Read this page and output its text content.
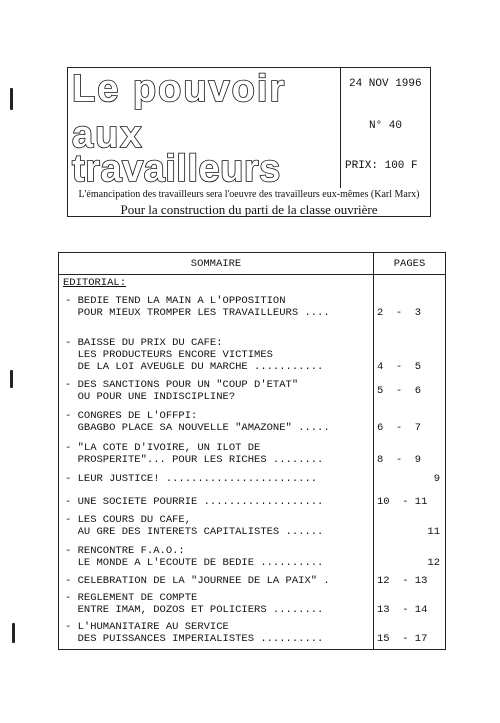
Le pouvoir
aux
travailleurs
24 NOV 1996
N° 40
PRIX: 100 F
L'émancipation des travailleurs sera l'oeuvre des travailleurs eux-mêmes (Karl Marx)
Pour la construction du parti de la classe ouvrière
SOMMAIRE	PAGES
EDITORIAL:
- BEDIE TEND LA MAIN A L'OPPOSITION
POUR MIEUX TROMPER LES TRAVAILLEURS ....	2  -  3
- BAISSE DU PRIX DU CAFE:
LES PRODUCTEURS ENCORE VICTIMES
DE LA LOI AVEUGLE DU MARCHE ...........	4  -  5
- DES SANCTIONS POUR UN "COUP D'ETAT"
OU POUR UNE INDISCIPLINE?	5  -  6
- CONGRES DE L'OFFPI:
GBAGBO PLACE SA NOUVELLE "AMAZONE" .....	6  -  7
- "LA COTE D'IVOIRE, UN ILOT DE
PROSPERITE"... POUR LES RICHES ........	8  -  9
- LEUR JUSTICE! ........................	9
- UNE SOCIETE POURRIE ...................	10  - 11
- LES COURS DU CAFE,
AU GRE DES INTERETS CAPITALISTES ......	11
- RENCONTRE F.A.O.:
LE MONDE A L'ECOUTE DE BEDIE ..........	12
- CELEBRATION DE LA "JOURNEE DE LA PAIX" .	12  - 13
- REGLEMENT DE COMPTE
ENTRE IMAM, DOZOS ET POLICIERS ........	13  - 14
- L'HUMANITAIRE AU SERVICE
DES PUISSANCES IMPERIALISTES ..........	15  - 17
